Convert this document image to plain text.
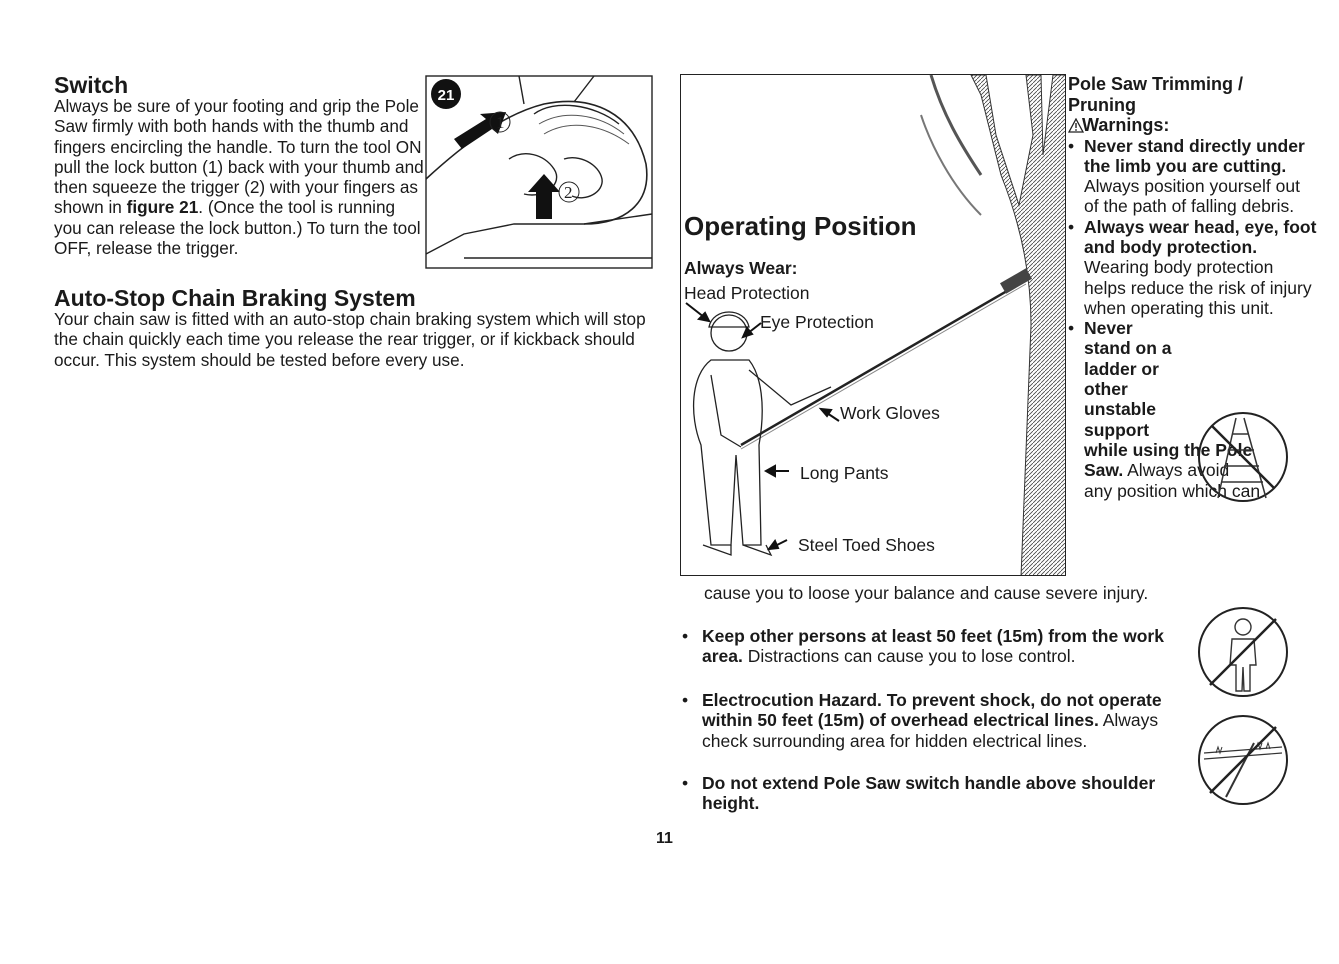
Switch

Always be sure of your footing and grip the Pole Saw firmly with both hands with the thumb and fingers encircling the handle. To turn the tool ON pull the lock button (1) back with your thumb and then squeeze the trigger (2) with your fingers as shown in figure 21. (Once the tool is running you can release the lock button.) To turn the tool OFF, release the trigger.

21
1
2
Auto-Stop Chain Braking System

Your chain saw is fitted with an auto-stop chain braking system which will stop the chain quickly each time you release the rear trigger, or if kickback should occur. This system should be tested before every use.

Operating Position
Always Wear:
Head Protection
Eye Protection
Work Gloves
Long Pants
Steel Toed Shoes

Pole Saw Trimming /

Pruning

Warnings:

• Never stand directly under the limb you are cutting. Always position yourself out of the path of falling debris.

• Always wear head, eye, foot and body protection. Wearing body protection helps reduce the risk of injury when operating this unit.

• Never
stand on a
ladder or
other
unstable
support
while using the Pole
Saw. Always avoid
any position which can

cause you to loose your balance and cause severe injury.

• Keep other persons at least 50 feet (15m) from the work area. Distractions can cause you to lose control.

• Electrocution Hazard. To prevent shock, do not operate within 50 feet (15m) of overhead electrical lines. Always check surrounding area for hidden electrical lines.

• Do not extend Pole Saw switch handle above shoulder height.

11
